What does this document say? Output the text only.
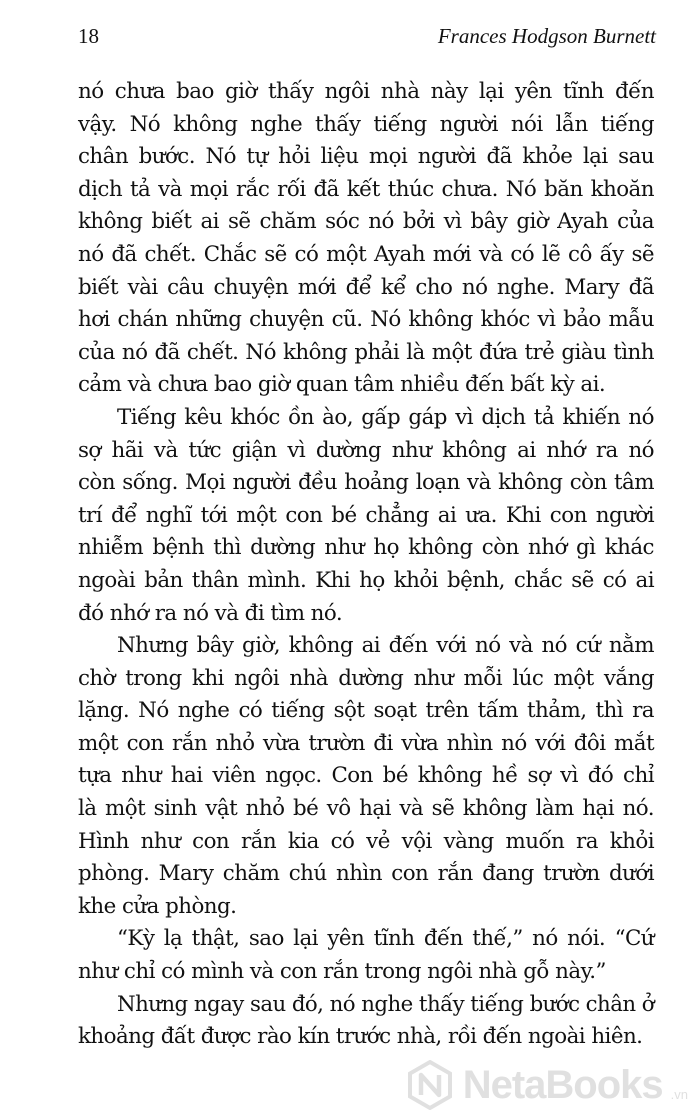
18	Frances Hodgson Burnett

nó chưa bao giờ thấy ngôi nhà này lại yên tĩnh đến
vậy. Nó không nghe thấy tiếng người nói lẫn tiếng
chân bước. Nó tự hỏi liệu mọi người đã khỏe lại sau
dịch tả và mọi rắc rối đã kết thúc chưa. Nó băn khoăn
không biết ai sẽ chăm sóc nó bởi vì bây giờ Ayah của
nó đã chết. Chắc sẽ có một Ayah mới và có lẽ cô ấy sẽ
biết vài câu chuyện mới để kể cho nó nghe. Mary đã
hơi chán những chuyện cũ. Nó không khóc vì bảo mẫu
của nó đã chết. Nó không phải là một đứa trẻ giàu tình
cảm và chưa bao giờ quan tâm nhiều đến bất kỳ ai.

Tiếng kêu khóc ồn ào, gấp gáp vì dịch tả khiến nó
sợ hãi và tức giận vì dường như không ai nhớ ra nó
còn sống. Mọi người đều hoảng loạn và không còn tâm
trí để nghĩ tới một con bé chẳng ai ưa. Khi con người
nhiễm bệnh thì dường như họ không còn nhớ gì khác
ngoài bản thân mình. Khi họ khỏi bệnh, chắc sẽ có ai
đó nhớ ra nó và đi tìm nó.

Nhưng bây giờ, không ai đến với nó và nó cứ nằm
chờ trong khi ngôi nhà dường như mỗi lúc một vắng
lặng. Nó nghe có tiếng sột soạt trên tấm thảm, thì ra
một con rắn nhỏ vừa trườn đi vừa nhìn nó với đôi mắt
tựa như hai viên ngọc. Con bé không hề sợ vì đó chỉ
là một sinh vật nhỏ bé vô hại và sẽ không làm hại nó.
Hình như con rắn kia có vẻ vội vàng muốn ra khỏi
phòng. Mary chăm chú nhìn con rắn đang trườn dưới
khe cửa phòng.

“Kỳ lạ thật, sao lại yên tĩnh đến thế,” nó nói. “Cứ
như chỉ có mình và con rắn trong ngôi nhà gỗ này.”

Nhưng ngay sau đó, nó nghe thấy tiếng bước chân ở
khoảng đất được rào kín trước nhà, rồi đến ngoài hiên.

NetaBooks .vn
